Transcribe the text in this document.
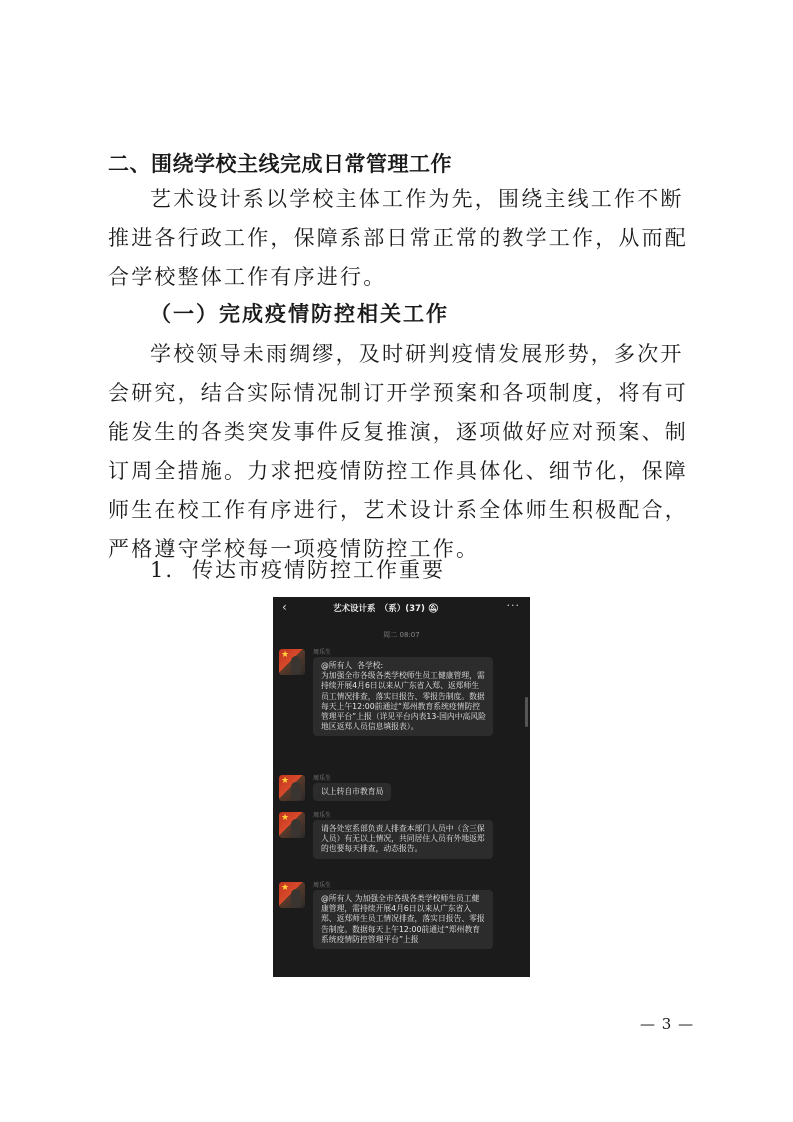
二、围绕学校主线完成日常管理工作

艺术设计系以学校主体工作为先，围绕主线工作不断推进各行政工作，保障系部日常正常的教学工作，从而配合学校整体工作有序进行。

（一）完成疫情防控相关工作

学校领导未雨绸缪，及时研判疫情发展形势，多次开会研究，结合实际情况制订开学预案和各项制度，将有可能发生的各类突发事件反复推演，逐项做好应对预案、制订周全措施。力求把疫情防控工作具体化、细节化，保障师生在校工作有序进行，艺术设计系全体师生积极配合，严格遵守学校每一项疫情防控工作。

1. 传达市疫情防控工作重要
‹	艺术设计系　（系）(37) 🔕︎	···
周二 08:07
★	周乐生
@所有人  各学校:
为加强全市各级各类学校师生员工健康管理，需持续开展4月6日以来从广东省入郑、返郑师生员工情况排查，落实日报告、零报告制度。数据每天上午12:00前通过“郑州教育系统疫情防控管理平台”上报（详见平台内表13-国内中高风险地区返郑人员信息填报表）。
★	周乐生
以上转自市教育局
★	周乐生
请各处室系部负责人排查本部门人员中（含三保人员）有无以上情况，共同居住人员有外地返郑的也要每天排查，动态报告。
★	周乐生
@所有人 为加强全市各级各类学校师生员工健康管理，需持续开展4月6日以来从广东省入郑、返郑师生员工情况排查，落实日报告、零报告制度。数据每天上午12:00前通过“郑州教育系统疫情防控管理平台”上报
— 3 —
